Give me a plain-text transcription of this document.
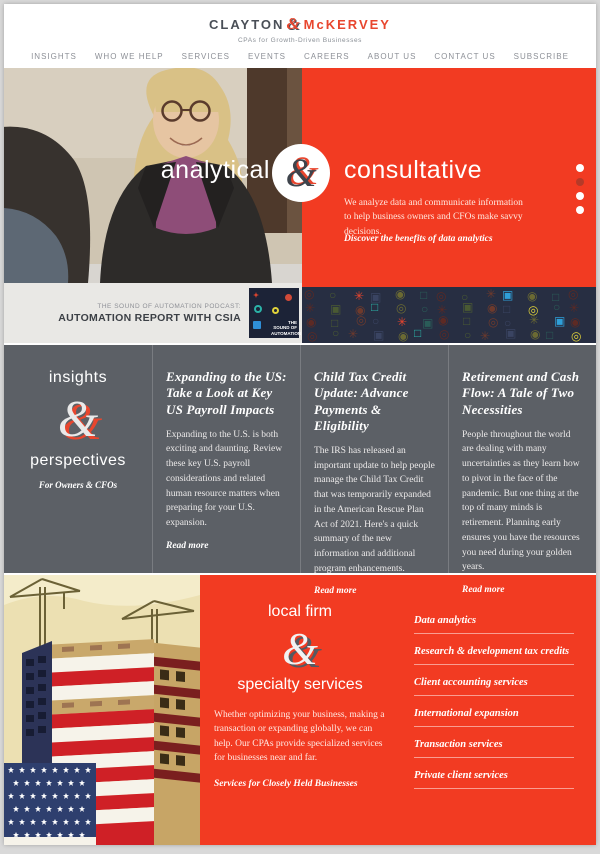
CLAYTON & McKERVEY
CPAs for Growth-Driven Businesses
INSIGHTS WHO WE HELP SERVICES EVENTS CAREERS ABOUT US CONTACT US SUBSCRIBE
analytical & consultative
We analyze data and communicate information to help business owners and CFOs make savvy decisions.
Discover the benefits of data analytics
THE SOUND OF AUTOMATION PODCAST:
AUTOMATION REPORT WITH CSIA	THE SOUND OF AUTOMATION
◎ ○ ✳ ▣ ◉ □ ◎ ○ ✳ ▣ ◉ □ ◎
✳ ▣ ◉ □ ◎ ○ ✳ ▣ ◉ □ ◎ ○ ✳
◉ □ ◎ ○ ✳ ▣ ◉ □ ◎ ○ ✳ ▣ ◉
◎ ○ ✳ ▣ ◉ □ ◎ ○ ✳ ▣ ◉ □ ◎
insights
&
perspectives
For Owners & CFOs
Expanding to the US: Take a Look at Key US Payroll Impacts
Expanding to the U.S. is both exciting and daunting. Review these key U.S. payroll considerations and related human resource matters when preparing for your U.S. expansion.
Read more
Child Tax Credit Update: Advance Payments & Eligibility
The IRS has released an important update to help people manage the Child Tax Credit that was temporarily expanded in the American Rescue Plan Act of 2021. Here's a quick summary of the new information and additional program enhancements.
Read more
Retirement and Cash Flow: A Tale of Two Necessities
People throughout the world are dealing with many uncertainties as they learn how to pivot in the face of the pandemic. But one thing at the top of many minds is retirement. Planning early ensures you have the resources you need during your golden years.
Read more
local firm
&
specialty services
Whether optimizing your business, making a transaction or expanding globally, we can help. Our CPAs provide specialized services for businesses near and far.
Services for Closely Held Businesses
Data analytics
Research & development tax credits
Client accounting services
International expansion
Transaction services
Private client services
